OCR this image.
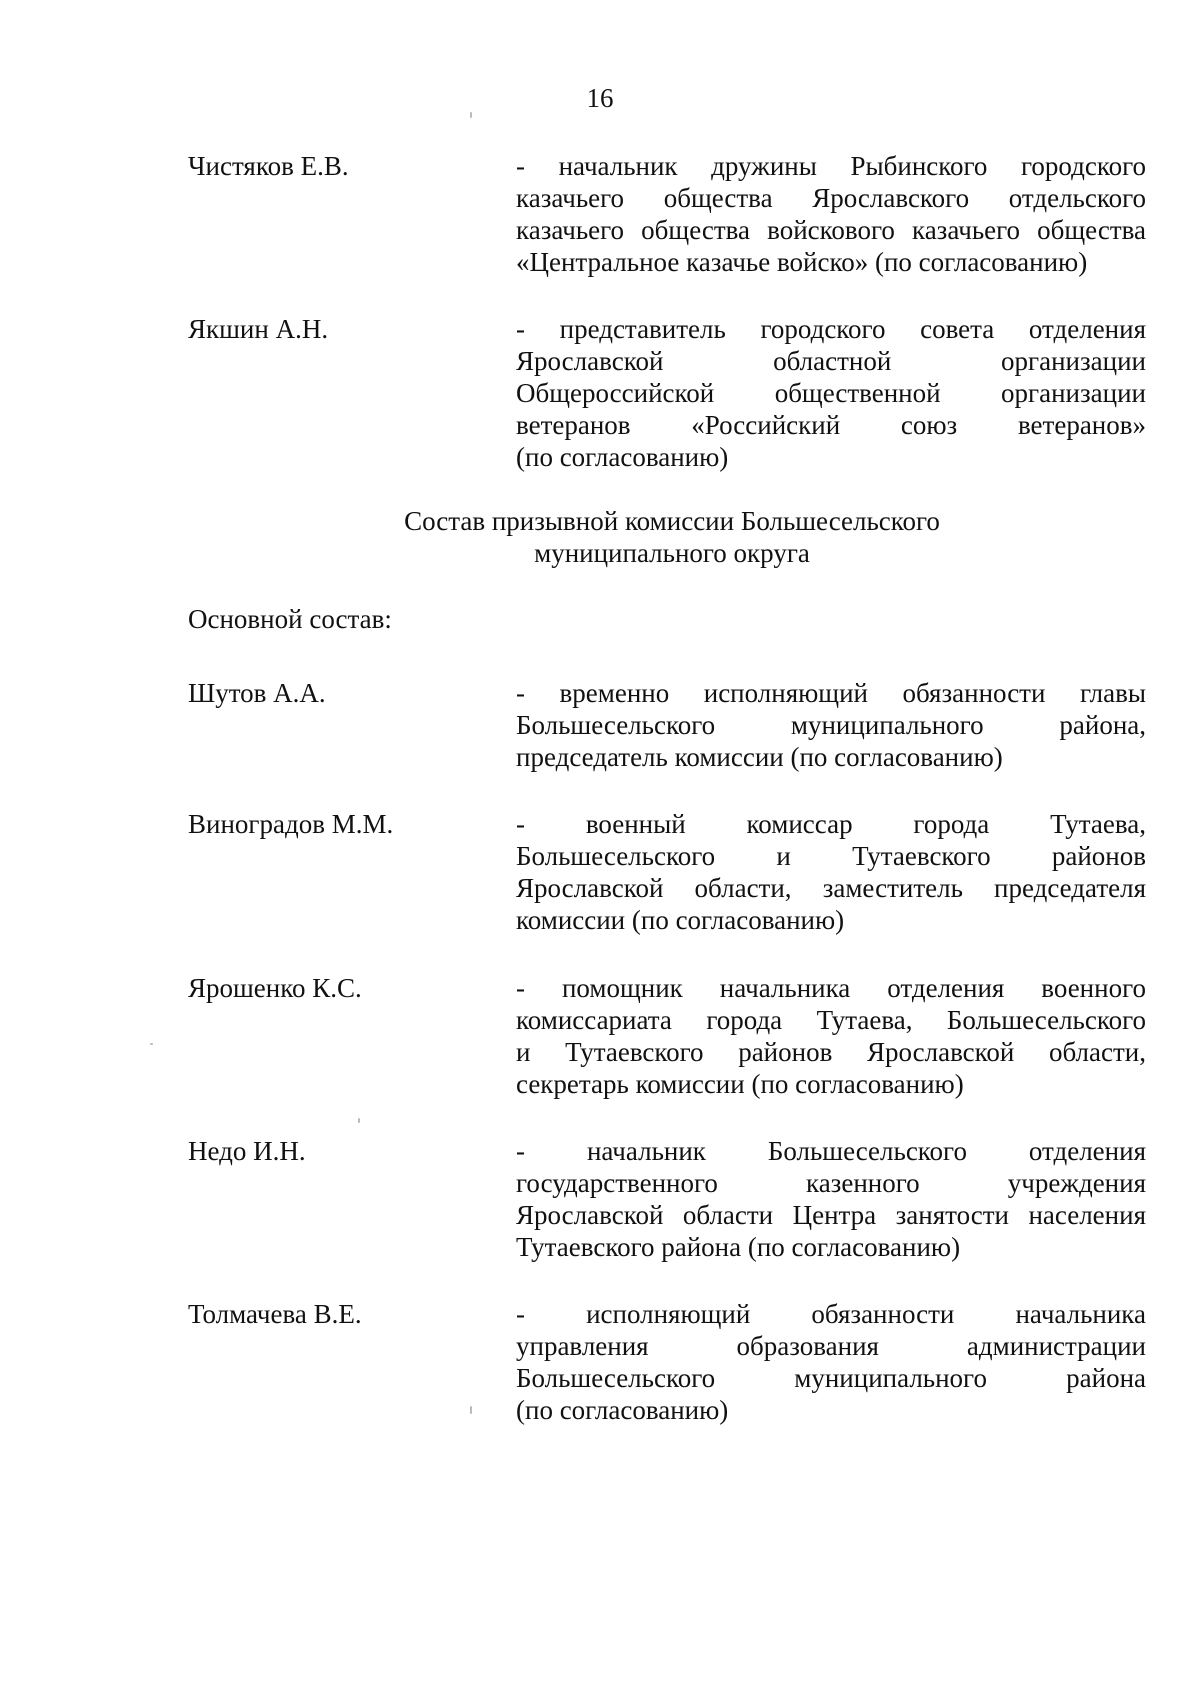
16
Чистяков Е.В.	- начальник дружины Рыбинского городского
казачьего общества Ярославского отдельского
казачьего общества войскового казачьего общества
«Центральное казачье войско» (по согласованию)
Якшин А.Н.	- представитель городского совета отделения
Ярославской областной организации
Общероссийской общественной организации
ветеранов «Российский союз ветеранов»
(по согласованию)
Состав призывной комиссии Большесельского
муниципального округа
Основной состав:
Шутов А.А.	- временно исполняющий обязанности главы
Большесельского муниципального района,
председатель комиссии (по согласованию)
Виноградов М.М.	- военный комиссар города Тутаева,
Большесельского и Тутаевского районов
Ярославской области, заместитель председателя
комиссии (по согласованию)
Ярошенко К.С.	- помощник начальника отделения военного
комиссариата города Тутаева, Большесельского
и Тутаевского районов Ярославской области,
секретарь комиссии (по согласованию)
Недо И.Н.	- начальник Большесельского отделения
государственного казенного учреждения
Ярославской области Центра занятости населения
Тутаевского района (по согласованию)
Толмачева В.Е.	- исполняющий обязанности начальника
управления образования администрации
Большесельского муниципального района
(по согласованию)
